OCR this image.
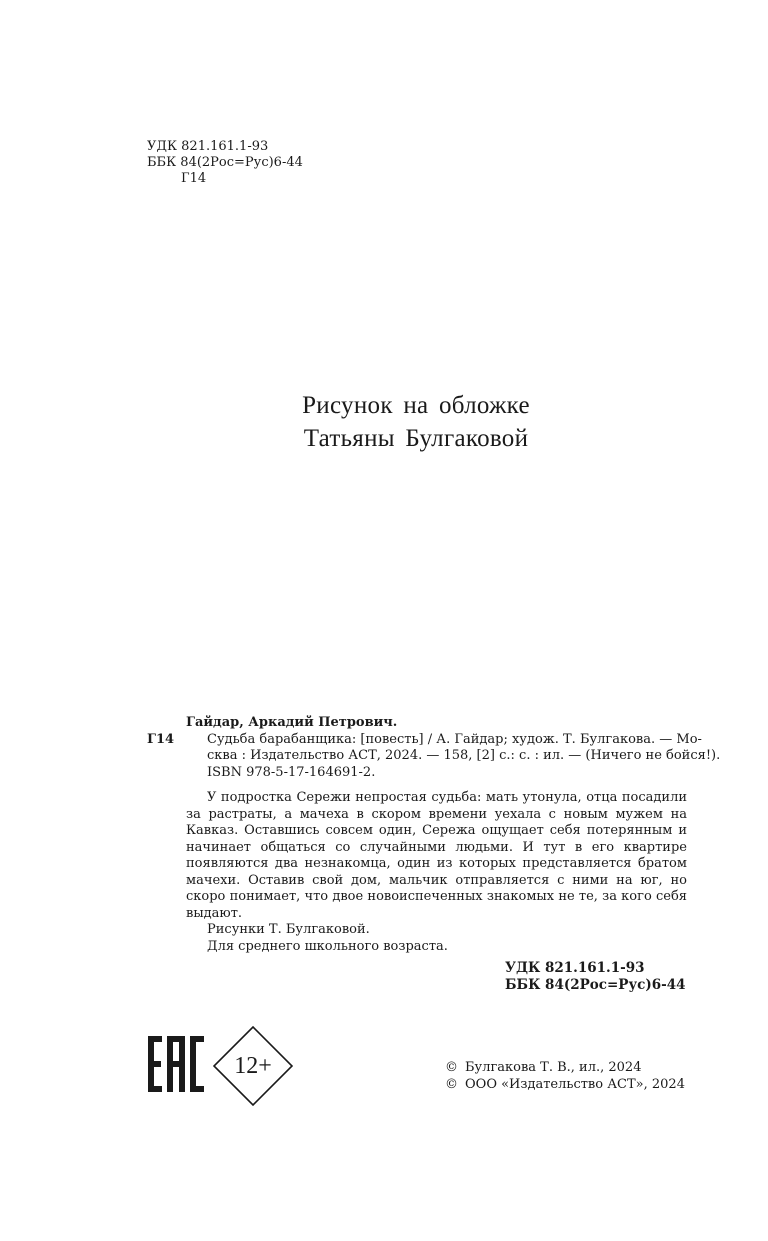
УДК 821.161.1-93
ББК 84(2Рос=Рус)6-44
Г14
Рисунок на обложке
Татьяны Булгаковой
Гайдар, Аркадий Петрович.
Г14	Судьба барабанщика: [повесть] / А. Гайдар; худож. Т. Булгакова. — Мо-
сква : Издательство АСТ, 2024. — 158, [2] с.: с. : ил. — (Ничего не бойся!).
ISBN 978-5-17-164691-2.

У подростка Сережи непростая судьба: мать утонула, отца посадили за растраты, а мачеха в скором времени уехала с новым мужем на Кавказ. Оставшись совсем один, Сережа ощущает себя потерянным и начинает общаться со случайными людьми. И тут в его квартире появляются два незнакомца, один из которых представляется братом мачехи. Оставив свой дом, мальчик отправляется с ними на юг, но скоро понимает, что двое новоиспеченных знакомых не те, за кого себя выдают.

Рисунки Т. Булгаковой.

Для среднего школьного возраста.

УДК 821.161.1-93
ББК 84(2Рос=Рус)6-44
12+	© Булгакова Т. В., ил., 2024
© ООО «Издательство АСТ», 2024
